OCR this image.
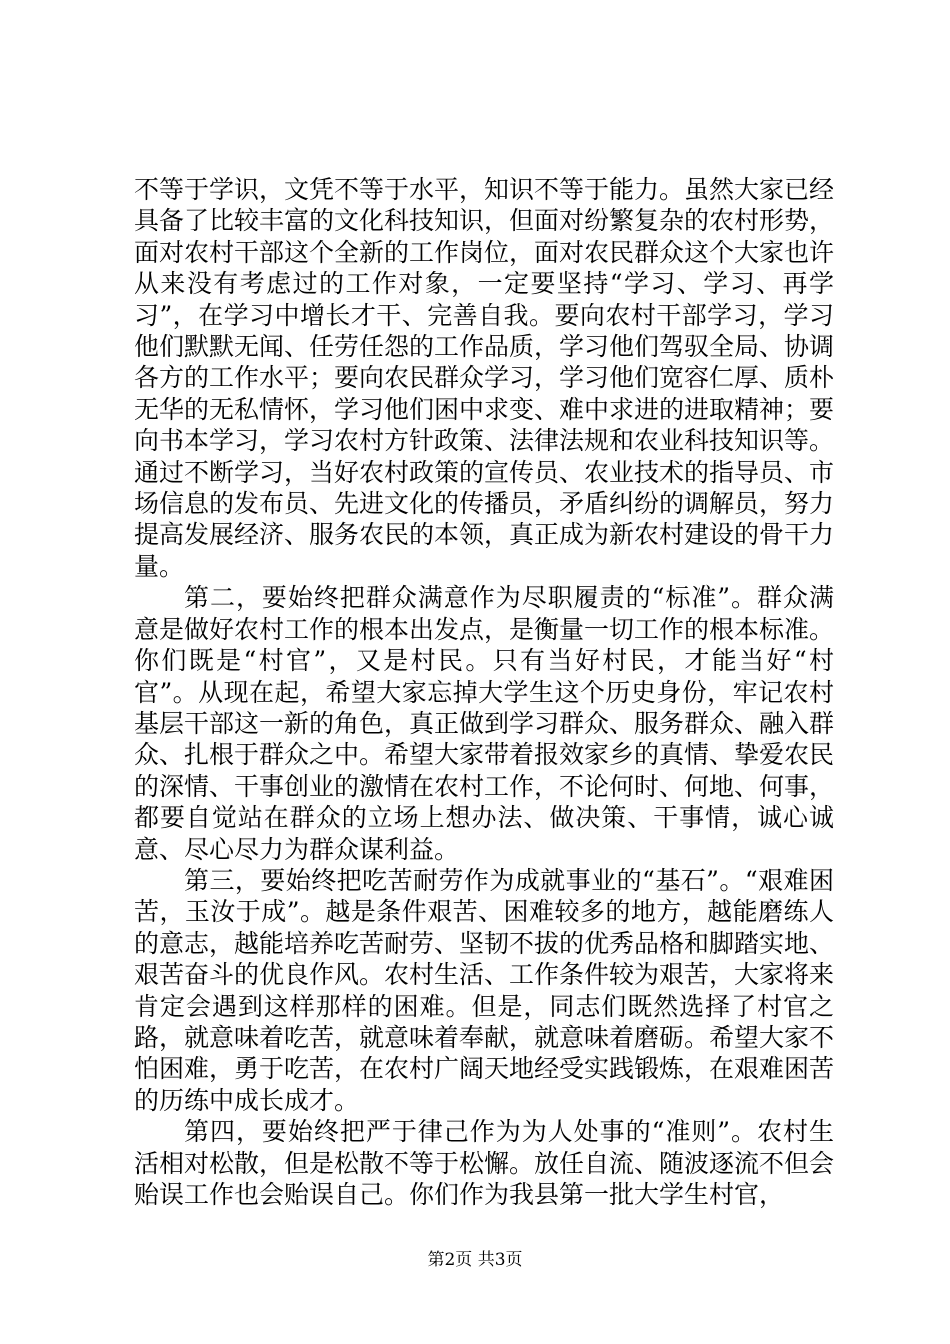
不等于学识，文凭不等于水平，知识不等于能力。虽然大家已经具备了比较丰富的文化科技知识，但面对纷繁复杂的农村形势，面对农村干部这个全新的工作岗位，面对农民群众这个大家也许从来没有考虑过的工作对象，一定要坚持“学习、学习、再学习”，在学习中增长才干、完善自我。要向农村干部学习，学习他们默默无闻、任劳任怨的工作品质，学习他们驾驭全局、协调各方的工作水平；要向农民群众学习，学习他们宽容仁厚、质朴无华的无私情怀，学习他们困中求变、难中求进的进取精神；要向书本学习，学习农村方针政策、法律法规和农业科技知识等。通过不断学习，当好农村政策的宣传员、农业技术的指导员、市场信息的发布员、先进文化的传播员，矛盾纠纷的调解员，努力提高发展经济、服务农民的本领，真正成为新农村建设的骨干力量。

第二，要始终把群众满意作为尽职履责的“标准”。群众满意是做好农村工作的根本出发点，是衡量一切工作的根本标准。你们既是“村官”，又是村民。只有当好村民，才能当好“村官”。从现在起，希望大家忘掉大学生这个历史身份，牢记农村基层干部这一新的角色，真正做到学习群众、服务群众、融入群众、扎根于群众之中。希望大家带着报效家乡的真情、挚爱农民的深情、干事创业的激情在农村工作，不论何时、何地、何事，都要自觉站在群众的立场上想办法、做决策、干事情，诚心诚意、尽心尽力为群众谋利益。

第三，要始终把吃苦耐劳作为成就事业的“基石”。“艰难困苦，玉汝于成”。越是条件艰苦、困难较多的地方，越能磨练人的意志，越能培养吃苦耐劳、坚韧不拔的优秀品格和脚踏实地、艰苦奋斗的优良作风。农村生活、工作条件较为艰苦，大家将来肯定会遇到这样那样的困难。但是，同志们既然选择了村官之路，就意味着吃苦，就意味着奉献，就意味着磨砺。希望大家不怕困难，勇于吃苦，在农村广阔天地经受实践锻炼，在艰难困苦的历练中成长成才。

第四，要始终把严于律己作为为人处事的“准则”。农村生活相对松散，但是松散不等于松懈。放任自流、随波逐流不但会贻误工作也会贻误自己。你们作为我县第一批大学生村官，

第2页 共3页
